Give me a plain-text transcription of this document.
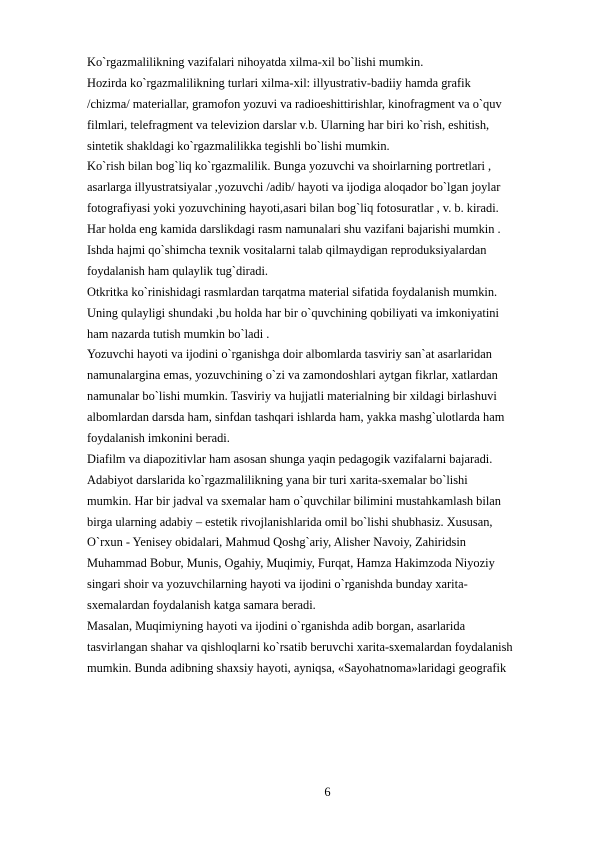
Ko`rgazmalilikning vazifalari nihoyatda xilma-xil bo`lishi mumkin.
Hozirda ko`rgazmalilikning turlari xilma-xil: illyustrativ-badiiy hamda grafik
/chizma/ materiallar, gramofon yozuvi va radioeshittirishlar, kinofragment va o`quv
filmlari, telefragment va televizion darslar v.b. Ularning har biri ko`rish, eshitish,
sintetik shakldagi ko`rgazmalilikka tegishli bo`lishi mumkin.
Ko`rish bilan bog`liq ko`rgazmalilik. Bunga yozuvchi va shoirlarning portretlari ,
asarlarga illyustratsiyalar ,yozuvchi /adib/ hayoti va ijodiga aloqador bo`lgan joylar
fotografiyasi yoki yozuvchining hayoti,asari bilan bog`liq fotosuratlar , v. b. kiradi.
Har holda eng kamida darslikdagi rasm namunalari shu vazifani bajarishi mumkin .
Ishda hajmi qo`shimcha texnik vositalarni talab qilmaydigan reproduksiyalardan
foydalanish ham qulaylik tug`diradi.
Otkritka ko`rinishidagi rasmlardan tarqatma material sifatida foydalanish mumkin.
Uning qulayligi shundaki ,bu holda har bir o`quvchining qobiliyati va imkoniyatini
ham nazarda tutish mumkin bo`ladi .
Yozuvchi hayoti va ijodini o`rganishga doir albomlarda tasviriy san`at asarlaridan
namunalargina emas, yozuvchining o`zi va zamondoshlari aytgan fikrlar, xatlardan
namunalar bo`lishi mumkin. Tasviriy va hujjatli materialning bir xildagi birlashuvi
albomlardan darsda ham, sinfdan tashqari ishlarda ham, yakka mashg`ulotlarda ham
foydalanish imkonini beradi.
Diafilm va diapozitivlar ham asosan shunga yaqin pedagogik vazifalarni bajaradi.
Adabiyot darslarida ko`rgazmalilikning yana bir turi xarita-sxemalar bo`lishi
mumkin. Har bir jadval va sxemalar ham o`quvchilar bilimini mustahkamlash bilan
birga ularning adabiy – estetik rivojlanishlarida omil bo`lishi shubhasiz. Xususan,
O`rxun - Yenisey obidalari, Mahmud Qoshg`ariy, Alisher Navoiy, Zahiridsin
Muhammad Bobur, Munis, Ogahiy, Muqimiy, Furqat, Hamza Hakimzoda Niyoziy
singari shoir va yozuvchilarning hayoti va ijodini o`rganishda bunday xarita-
sxemalardan foydalanish katga samara beradi.
Masalan, Muqimiyning hayoti va ijodini o`rganishda adib borgan, asarlarida
tasvirlangan shahar va qishloqlarni ko`rsatib beruvchi xarita-sxemalardan foydalanish
mumkin. Bunda adibning shaxsiy hayoti, ayniqsa, «Sayohatnoma»laridagi geografik
6
